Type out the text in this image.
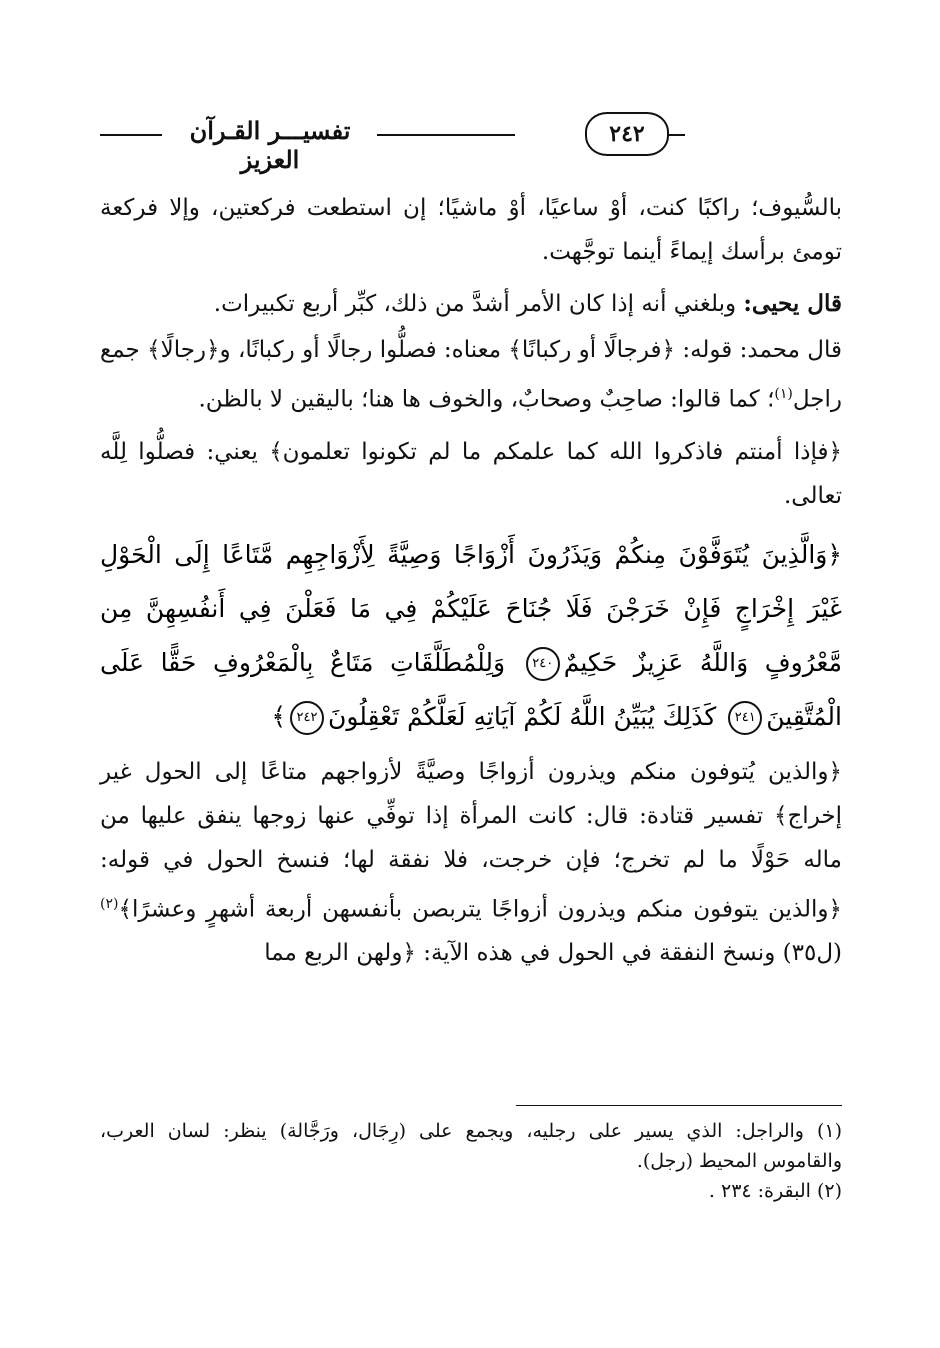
تفسيـــر القـرآن العزيز
٢٤٢

بالسُّيوف؛ راكبًا كنت، أوْ ساعيًا، أوْ ماشيًا؛ إن استطعت فركعتين، وإلا فركعة تومئ برأسك إيماءً أينما توجَّهت.

قال يحيى: وبلغني أنه إذا كان الأمر أشدَّ من ذلك، كبِّر أربع تكبيرات.

قال محمد: قوله: ﴿فرجالًا أو ركبانًا﴾ معناه: فصلُّوا رجالًا أو ركبانًا، و﴿رجالًا﴾ جمع راجل$^{(١)}$؛ كما قالوا: صاحِبٌ وصحابٌ، والخوف ها هنا؛ باليقين لا بالظن.

﴿فإذا أمنتم فاذكروا الله كما علمكم ما لم تكونوا تعلمون﴾ يعني: فصلُّوا لِلَّه تعالى.

﴿وَالَّذِينَ يُتَوَفَّوْنَ مِنكُمْ وَيَذَرُونَ أَزْوَاجًا وَصِيَّةً لِأَزْوَاجِهِم مَّتَاعًا إِلَى الْحَوْلِ غَيْرَ إِخْرَاجٍ فَإِنْ خَرَجْنَ فَلَا جُنَاحَ عَلَيْكُمْ فِي مَا فَعَلْنَ فِي أَنفُسِهِنَّ مِن مَّعْرُوفٍ وَاللَّهُ عَزِيزٌ حَكِيمٌ٢٤٠ وَلِلْمُطَلَّقَاتِ مَتَاعٌ بِالْمَعْرُوفِ حَقًّا عَلَى الْمُتَّقِينَ٢٤١ كَذَلِكَ يُبَيِّنُ اللَّهُ لَكُمْ آيَاتِهِ لَعَلَّكُمْ تَعْقِلُونَ٢٤٢﴾

﴿والذين يُتوفون منكم ويذرون أزواجًا وصيَّةً لأزواجهم متاعًا إلى الحول غير إخراج﴾ تفسير قتادة: قال: كانت المرأة إذا توفِّي عنها زوجها ينفق عليها من ماله حَوْلًا ما لم تخرج؛ فإن خرجت، فلا نفقة لها؛ فنسخ الحول في قوله: ﴿والذين يتوفون منكم ويذرون أزواجًا يتربصن بأنفسهن أربعة أشهرٍ وعشرًا﴾$^{(٢)}$ (ل٣٥) ونسخ النفقة في الحول في هذه الآية: ﴿ولهن الربع مما

(١) والراجل: الذي يسير على رجليه، ويجمع على (رِجَال، ورَجَّالة) ينظر: لسان العرب، والقاموس المحيط (رجل).

(٢) البقرة: ٢٣٤ .
